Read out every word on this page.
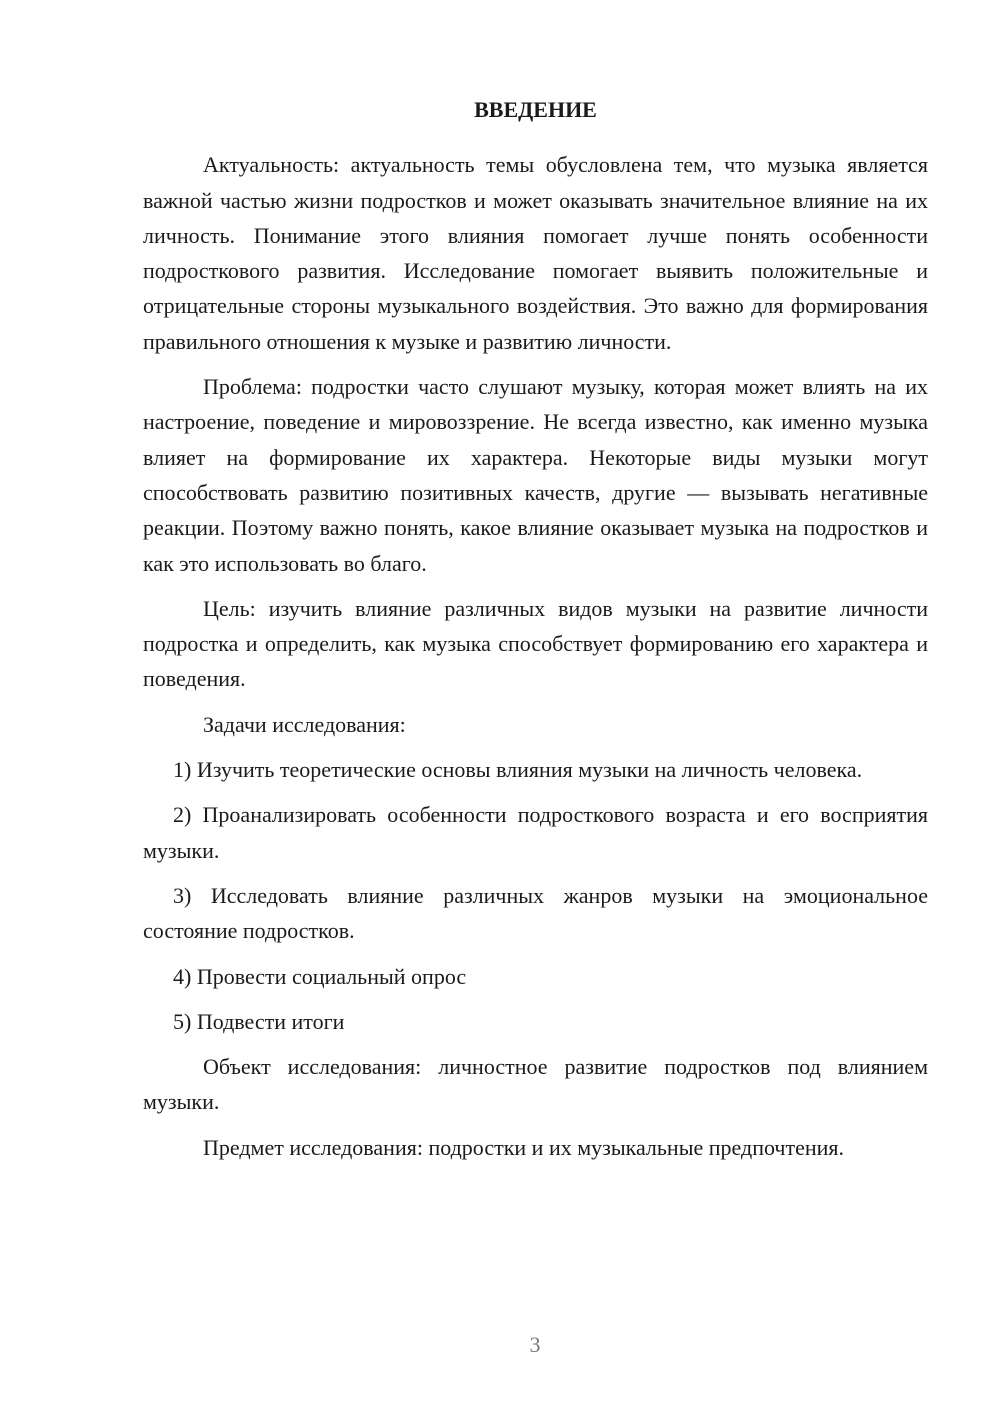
ВВЕДЕНИЕ

Актуальность: актуальность темы обусловлена тем, что музыка является важной частью жизни подростков и может оказывать значительное влияние на их личность. Понимание этого влияния помогает лучше понять особенности подросткового развития. Исследование помогает выявить положительные и отрицательные стороны музыкального воздействия. Это важно для формирования правильного отношения к музыке и развитию личности.

Проблема: подростки часто слушают музыку, которая может влиять на их настроение, поведение и мировоззрение. Не всегда известно, как именно музыка влияет на формирование их характера. Некоторые виды музыки могут способствовать развитию позитивных качеств, другие — вызывать негативные реакции. Поэтому важно понять, какое влияние оказывает музыка на подростков и как это использовать во благо.

Цель: изучить влияние различных видов музыки на развитие личности подростка и определить, как музыка способствует формированию его характера и поведения.

Задачи исследования:

1) Изучить теоретические основы влияния музыки на личность человека.

2) Проанализировать особенности подросткового возраста и его восприятия музыки.

3) Исследовать влияние различных жанров музыки на эмоциональное состояние подростков.

4) Провести социальный опрос

5) Подвести итоги

Объект исследования: личностное развитие подростков под влиянием музыки.

Предмет исследования: подростки и их музыкальные предпочтения.

3
